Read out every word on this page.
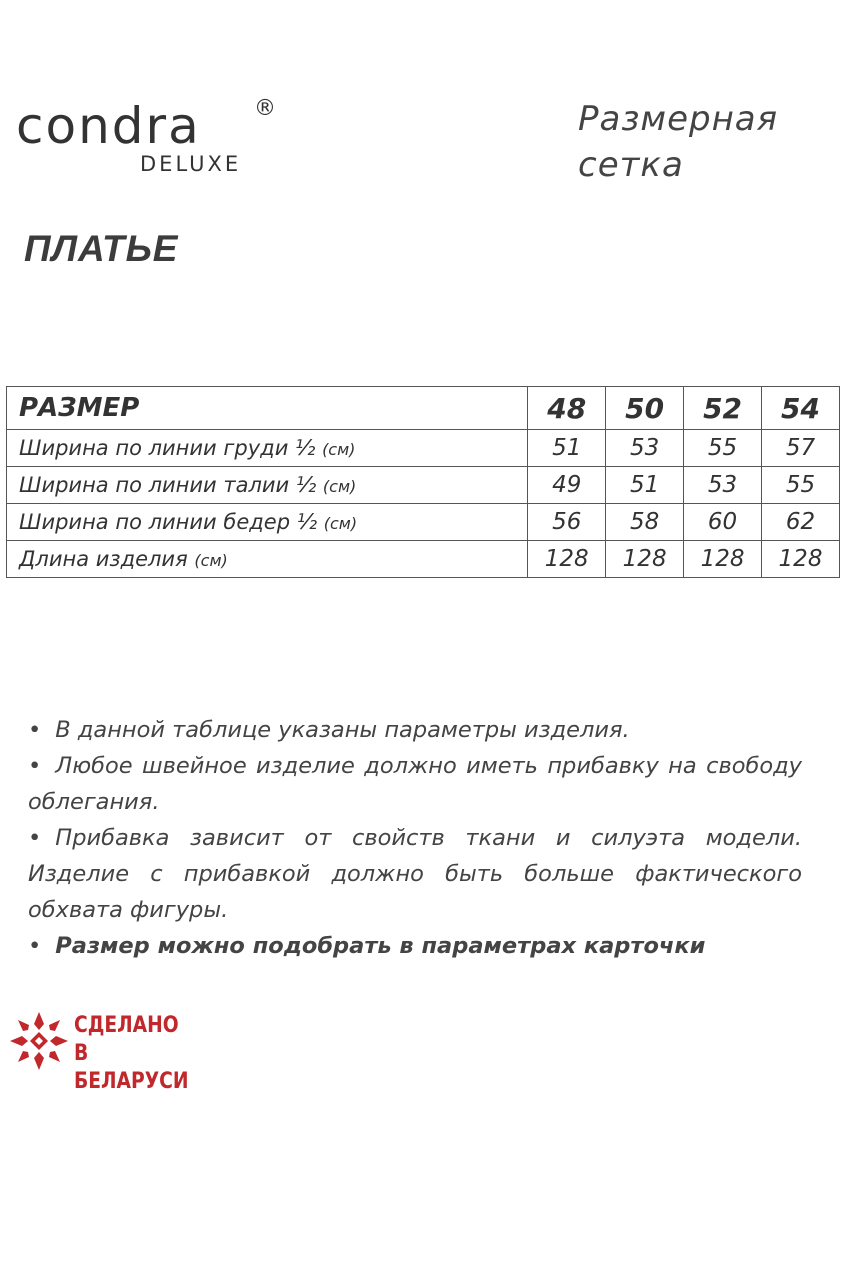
condra ®
DELUXE
Размерная
сетка
ПЛАТЬЕ
РАЗМЕР	48	50	52	54
Ширина по линии груди ½ (см)	51	53	55	57
Ширина по линии талии ½ (см)	49	51	53	55
Ширина по линии бедер ½ (см)	56	58	60	62
Длина изделия (см)	128	128	128	128

• В данной таблице указаны параметры изделия.

• Любое швейное изделие должно иметь прибавку на свободу облегания.

• Прибавка зависит от свойств ткани и силуэта модели. Изделие с прибавкой должно быть больше фактического обхвата фигуры.

• Размер можно подобрать в параметрах карточки

СДЕЛАНО
В БЕЛАРУСИ
